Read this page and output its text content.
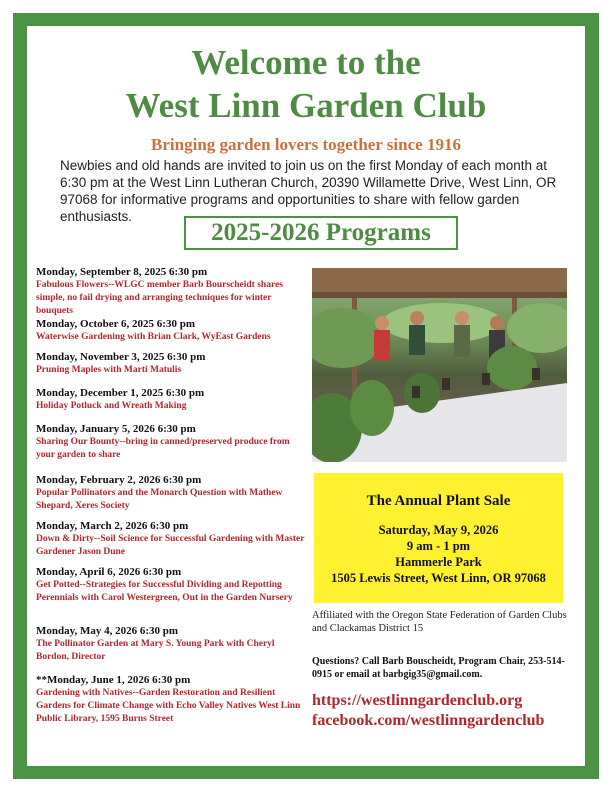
Welcome to the
West Linn Garden Club
Bringing garden lovers together since 1916
Newbies and old hands are invited to join us on the first Monday of each month at 6:30 pm at the West Linn Lutheran Church, 20390 Willamette Drive, West Linn, OR 97068 for informative programs and opportunities to share with fellow garden enthusiasts.
2025-2026 Programs
Monday, September 8, 2025 6:30 pm
Fabulous Flowers--WLGC member Barb Bourscheidt shares simple, no fail drying and arranging techniques for winter bouquets
Monday, October 6, 2025 6:30 pm
Waterwise Gardening with Brian Clark, WyEast Gardens
Monday, November 3, 2025 6:30 pm
Pruning Maples with Marti Matulis
Monday, December 1, 2025 6:30 pm
Holiday Potluck and Wreath Making
Monday, January 5, 2026 6:30 pm
Sharing Our Bounty--bring in canned/preserved produce from your garden to share
Monday, February 2, 2026 6:30 pm
Popular Pollinators and the Monarch Question with Mathew Shepard, Xeres Society
Monday, March 2, 2026 6:30 pm
Down & Dirty--Soil Science for Successful Gardening with Master Gardener Jason Dune
Monday, April 6, 2026 6:30 pm
Get Potted--Strategies for Successful Dividing and Repotting Perennials with Carol Westergreen, Out in the Garden Nursery
Monday, May 4, 2026 6:30 pm
The Pollinator Garden at Mary S. Young Park with Cheryl Bordon, Director
**Monday, June 1, 2026 6:30 pm
Gardening with Natives--Garden Restoration and Resilient Gardens for Climate Change with Echo Valley Natives West Linn Public Library, 1595 Burns Street
The Annual Plant Sale
Saturday, May 9, 2026
9 am - 1 pm
Hammerle Park
1505 Lewis Street, West Linn, OR 97068
Affiliated with the Oregon State Federation of Garden Clubs and Clackamas District 15
Questions? Call Barb Bouscheidt, Program Chair, 253-514-0915 or email at barbgig35@gmail.com.
https://westlinngardenclub.org
facebook.com/westlinngardenclub
